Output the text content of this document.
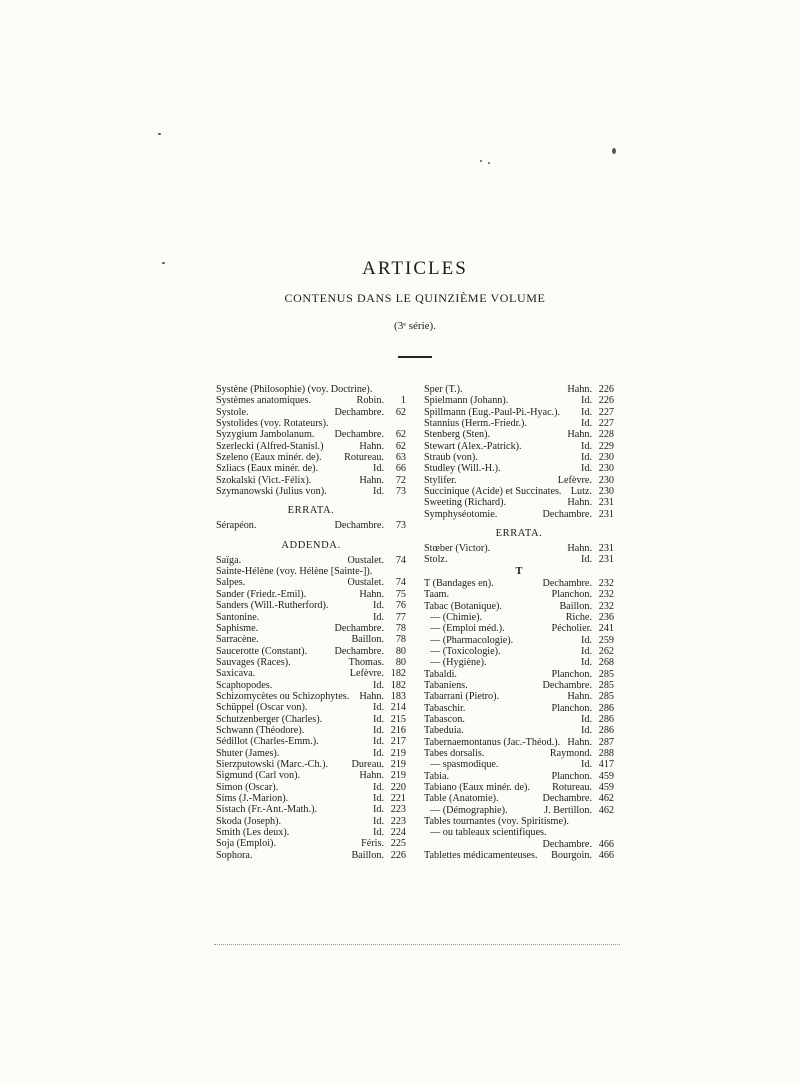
ARTICLES
CONTENUS DANS LE QUINZIÈME VOLUME
(3ᵉ série).
Systène (Philosophie) (voy. Doctrine).
Systèmes anatomiques.	Robin.	1
Systole.	Dechambre.	62
Systolides (voy. Rotateurs).
Syzygium Jambolanum.	Dechambre.	62
Szerlecki (Alfred-Stanisl.)	Hahn.	62
Szeleno (Eaux minér. de).	Rotureau.	63
Szliacs (Eaux minér. de).	Id.	66
Szokalski (Vict.-Félix).	Hahn.	72
Szymanowski (Julius von).	Id.	73
ERRATA.
Sérapéon.	Dechambre.	73
ADDENDA.
Saïga.	Oustalet.	74
Sainte-Hélène (voy. Hélène [Sainte-]).
Salpes.	Oustalet.	74
Sander (Friedr.-Emil).	Hahn.	75
Sanders (Will.-Rutherford).	Id.	76
Santonine.	Id.	77
Saphisme.	Dechambre.	78
Sarracène.	Baillon.	78
Saucerotte (Constant).	Dechambre.	80
Sauvages (Races).	Thomas.	80
Saxicava.	Lefèvre. 182
Scaphopodes.	Id. 182
Schizomycètes ou Schizophytes. Hahn. 183
Schüppel (Oscar von).	Id. 214
Schutzenberger (Charles).	Id. 215
Schwann (Théodore).	Id. 216
Sédillot (Charles-Emm.).	Id. 217
Shuter (James).	Id. 219
Sierzputowski (Marc.-Ch.).	Dureau. 219
Sigmund (Carl von).	Hahn. 219
Simon (Oscar).	Id. 220
Sims (J.-Marion).	Id. 221
Sistach (Fr.-Ant.-Math.).	Id. 223
Skoda (Joseph).	Id. 223
Smith (Les deux).	Id. 224
Soja (Emploi).	Féris. 225
Sophora.	Baillon. 226
Sper (T.).	Hahn. 226
Spielmann (Johann).	Id. 226
Spillmann (Eug.-Paul-Pi.-Hyac.).	Id. 227
Stannius (Herm.-Friedr.).	Id. 227
Stenberg (Sten).	Hahn. 228
Stewart (Alex.-Patrick).	Id. 229
Straub (von).	Id. 230
Studley (Will.-H.).	Id. 230
Stylifer.	Lefèvre. 230
Succinique (Acide) et Succinates. Lutz. 230
Sweeting (Richard).	Hahn. 231
Symphyséotomie.	Dechambre. 231
ERRATA.
Stœber (Victor).	Hahn. 231
Stolz.	Id. 231
T
T (Bandages en).	Dechambre. 232
Taam.	Planchon. 232
Tabac (Botanique).	Baillon. 232
— (Chimie).	Riche. 236
— (Emploi méd.).	Pécholier. 241
— (Pharmacologie).	Id. 259
— (Toxicologie).	Id. 262
— (Hygiène).	Id. 268
Tabaldi.	Planchon. 285
Tabaniens.	Dechambre. 285
Tabarrani (Pietro).	Hahn. 285
Tabaschir.	Planchon. 286
Tabascon.	Id. 286
Tabeduia.	Id. 286
Tabernaemontanus (Jac.-Théod.). Hahn. 287
Tabes dorsalis.	Raymond. 288
— spasmodique.	Id. 417
Tabia.	Planchon. 459
Tabiano (Eaux minér. de).	Rotureau. 459
Table (Anatomie).	Dechambre. 462
— (Démographie).	J. Bertillon. 462
Tables tournantes (voy. Spiritisme).
— ou tableaux scientifiques.
Dechambre. 466
Tablettes médicamenteuses.	Bourgoin. 466
